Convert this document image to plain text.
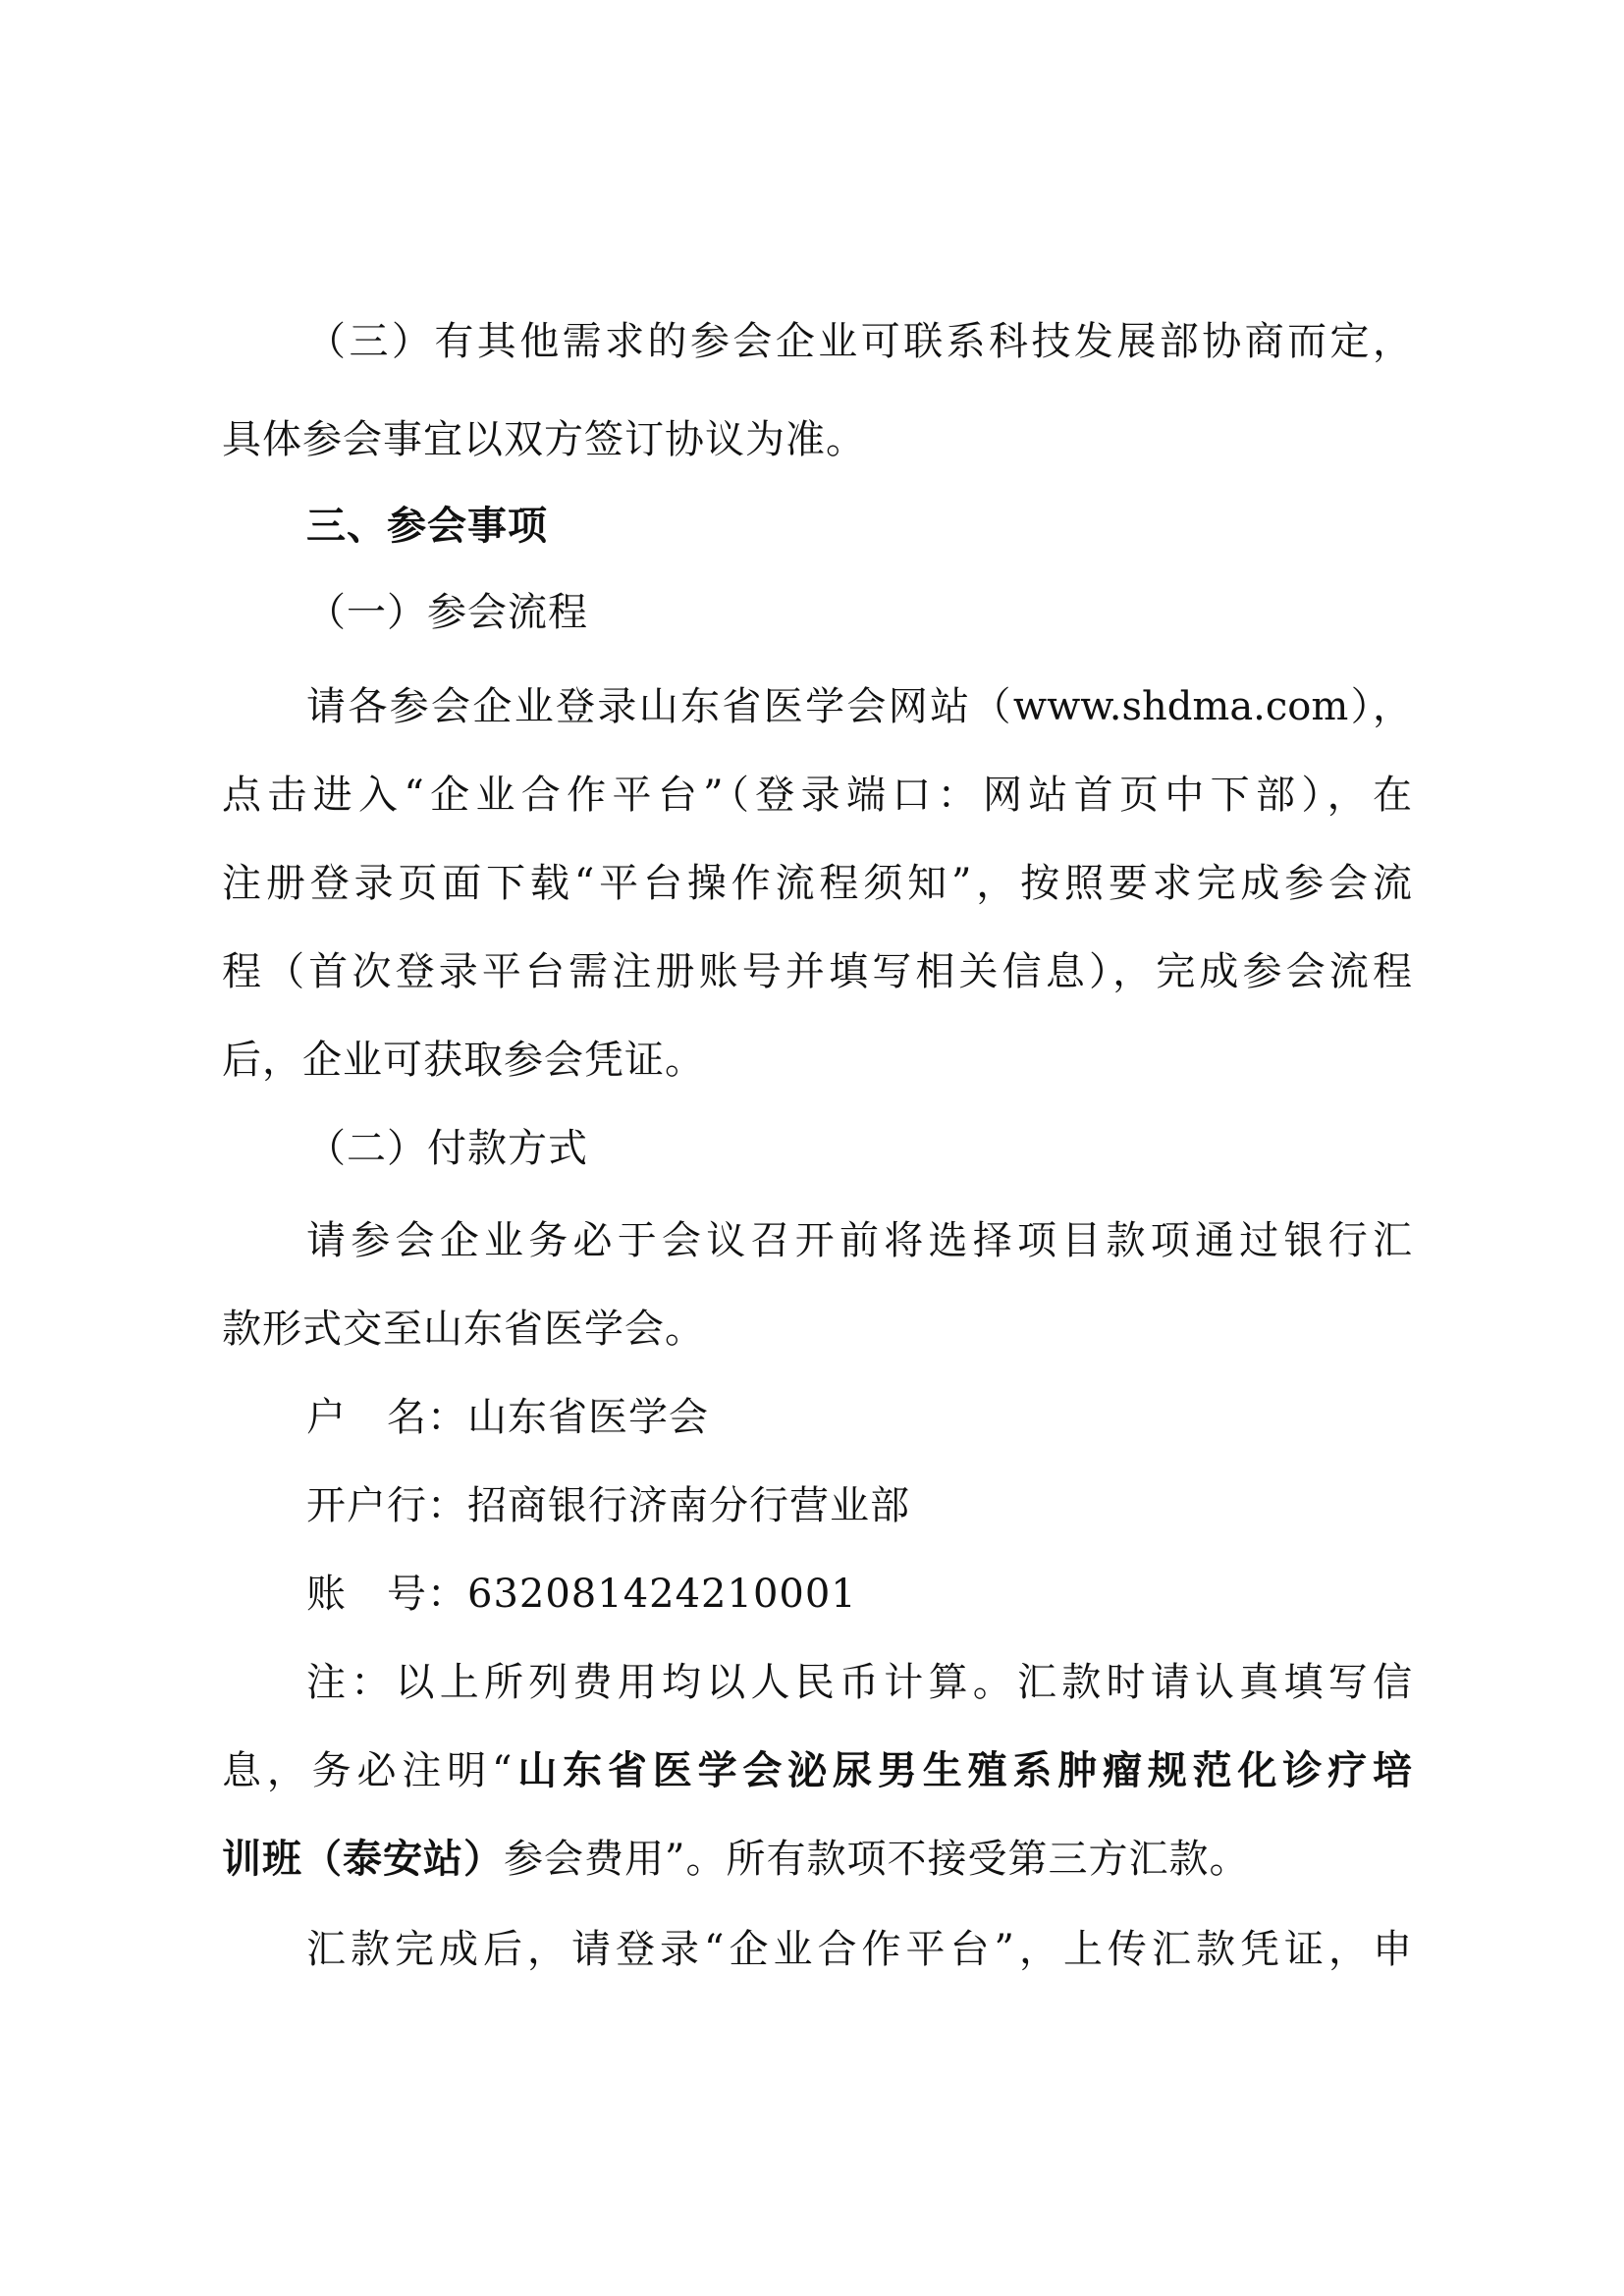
（三）有其他需求的参会企业可联系科技发展部协商而定，
具体参会事宜以双方签订协议为准。
三、参会事项
（一）参会流程
请各参会企业登录山东省医学会网站（www.shdma.com），
点击进入“企业合作平台”（登录端口：网站首页中下部），在
注册登录页面下载“平台操作流程须知”，按照要求完成参会流
程（首次登录平台需注册账号并填写相关信息），完成参会流程
后，企业可获取参会凭证。
（二）付款方式
请参会企业务必于会议召开前将选择项目款项通过银行汇
款形式交至山东省医学会。
户　名：山东省医学会
开户行：招商银行济南分行营业部
账　号：632081424210001
注：以上所列费用均以人民币计算。汇款时请认真填写信
息，务必注明“山东省医学会泌尿男生殖系肿瘤规范化诊疗培
训班（泰安站）参会费用”。所有款项不接受第三方汇款。
汇款完成后，请登录“企业合作平台”，上传汇款凭证，申
